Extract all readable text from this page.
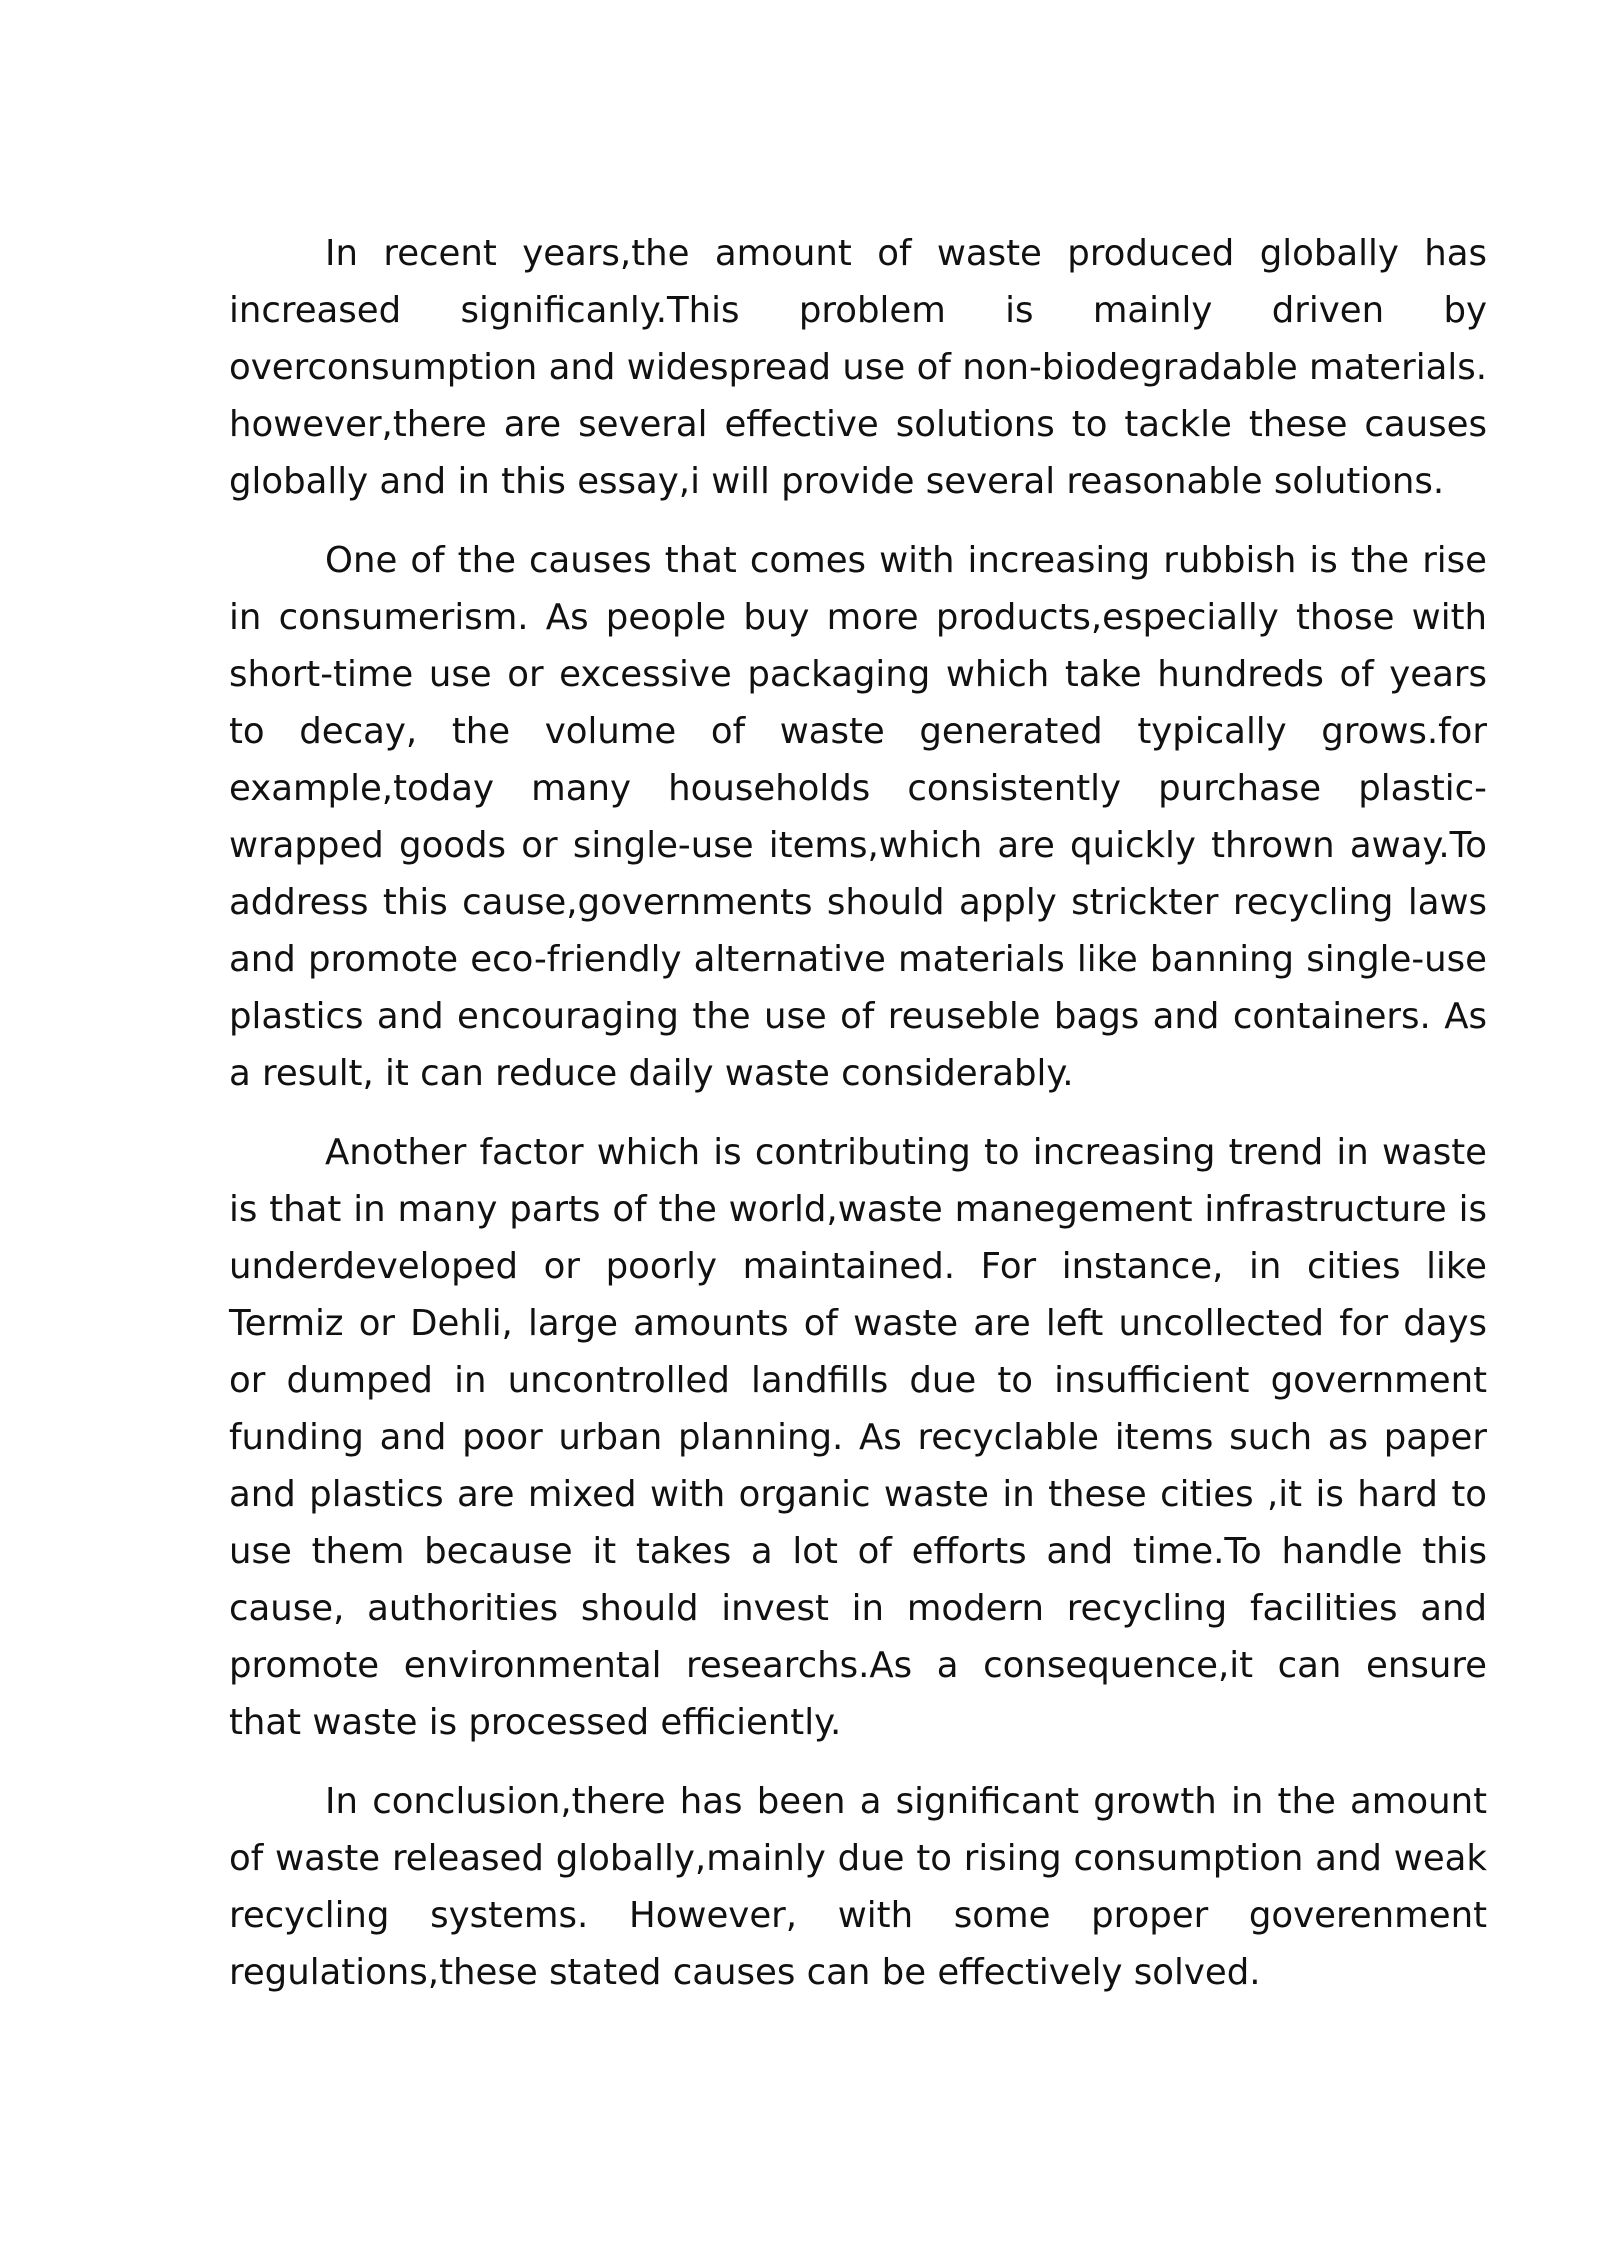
In recent years,the amount of waste produced globally has increased significanly.This problem is mainly driven by overconsumption and widespread use of non-biodegradable materials. however,there are several effective solutions to tackle these causes globally and in this essay,i will provide several reasonable solutions.

One of the causes that comes with increasing rubbish is the rise in consumerism. As people buy more products,especially those with short-time use or excessive packaging which take hundreds of years to decay, the volume of waste generated typically grows.for example,today many households consistently purchase plastic-wrapped goods or single-use items,which are quickly thrown away.To address this cause,governments should apply strickter recycling laws and promote eco-friendly alternative materials like banning single-use plastics and encouraging the use of reuseble bags and containers. As a result, it can reduce daily waste considerably.

Another factor which is contributing to increasing trend in waste is that in many parts of the world,waste manegement infrastructure is underdeveloped or poorly maintained. For instance, in cities like Termiz or Dehli, large amounts of waste are left uncollected for days or dumped in uncontrolled landfills due to insufficient government funding and poor urban planning. As recyclable items such as paper and plastics are mixed with organic waste in these cities ,it is hard to use them because it takes a lot of efforts and time.To handle this cause, authorities should invest in modern recycling facilities and promote environmental researchs.As a consequence,it can ensure that waste is processed efficiently.

In conclusion,there has been a significant growth in the amount of waste released globally,mainly due to rising consumption and weak recycling systems. However, with some proper goverenment regulations,these stated causes can be effectively solved.
